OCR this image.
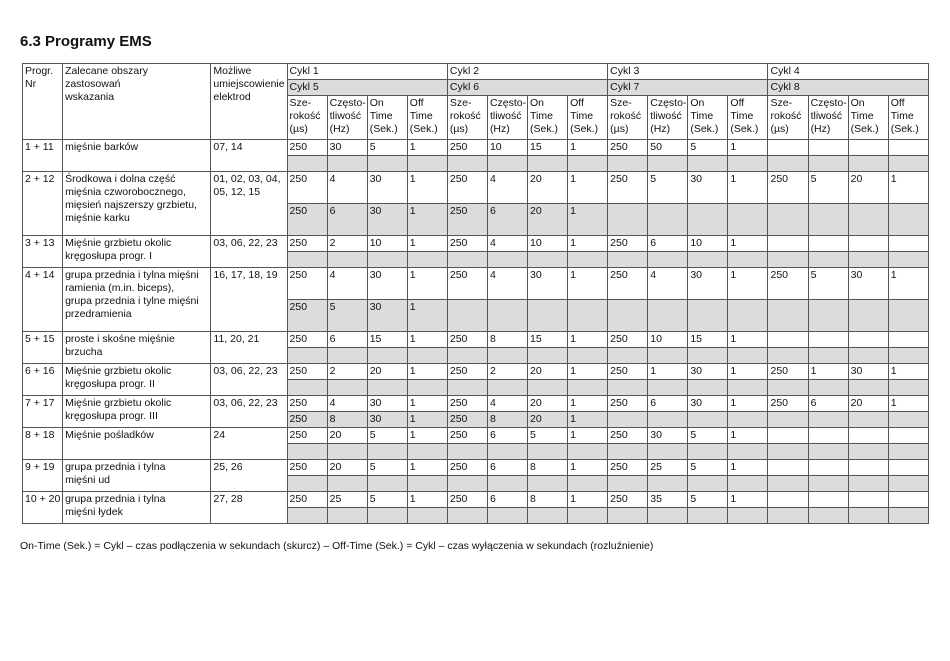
6.3 Programy EMS
Progr.
Nr	Zalecane obszary
zastosowań
wskazania	Możliwe
umiejscowienie
elektrod	Cykl 1				Cykl 2				Cykl 3				Cykl 4			
			Cykl 5				Cykl 6				Cykl 7				Cykl 8			

			Sze-
rokość
(µs)	Często-
tliwość
(Hz)	On
Time
(Sek.)	Off
Time
(Sek.)	Sze-
rokość
(µs)	Często-
tliwość
(Hz)	On
Time
(Sek.)	Off
Time
(Sek.)	Sze-
rokość
(µs)	Często-
tliwość
(Hz)	On
Time
(Sek.)	Off
Time
(Sek.)	Sze-
rokość
(µs)	Często-
tliwość
(Hz)	On
Time
(Sek.)	Off
Time
(Sek.)

1 + 11	mięśnie barków	07, 14	250	30	5	1	250	10	15	1	250	50	5	1				

2 + 12	Środkowa i dolna część
mięśnia czworobocznego,
mięsień najszerszy grzbietu,
mięśnie karku	01, 02, 03, 04,
05, 12, 15	250	4	30	1	250	4	20	1	250	5	30	1	250	5	20	1
			250	6	30	1	250	6	20	1								
3 + 13	Mięśnie grzbietu okolic
kręgosłupa progr. I	03, 06, 22, 23	250	2	10	1	250	4	10	1	250	6	10	1				

4 + 14	grupa przednia i tylna mięśni
ramienia (m.in. biceps),
grupa przednia i tylne mięśni
przedramienia	16, 17, 18, 19	250	4	30	1	250	4	30	1	250	4	30	1	250	5	30	1
			250	5	30	1												
5 + 15	proste i skośne mięśnie
brzucha	11, 20, 21	250	6	15	1	250	8	15	1	250	10	15	1				

6 + 16	Mięśnie grzbietu okolic
kręgosłupa progr. II	03, 06, 22, 23	250	2	20	1	250	2	20	1	250	1	30	1	250	1	30	1

7 + 17	Mięśnie grzbietu okolic
kręgosłupa progr. III	03, 06, 22, 23	250	4	30	1	250	4	20	1	250	6	30	1	250	6	20	1
			250	8	30	1	250	8	20	1								
8 + 18	Mięśnie pośladków	24	250	20	5	1	250	6	5	1	250	30	5	1				

9 + 19	grupa przednia i tylna
mięśni ud	25, 26	250	20	5	1	250	6	8	1	250	25	5	1				

10 + 20	grupa przednia i tylna
mięśni łydek	27, 28	250	25	5	1	250	6	8	1	250	35	5	1				

On-Time (Sek.) = Cykl – czas podłączenia w sekundach (skurcz) – Off-Time (Sek.) = Cykl – czas wyłączenia w sekundach (rozluźnienie)
